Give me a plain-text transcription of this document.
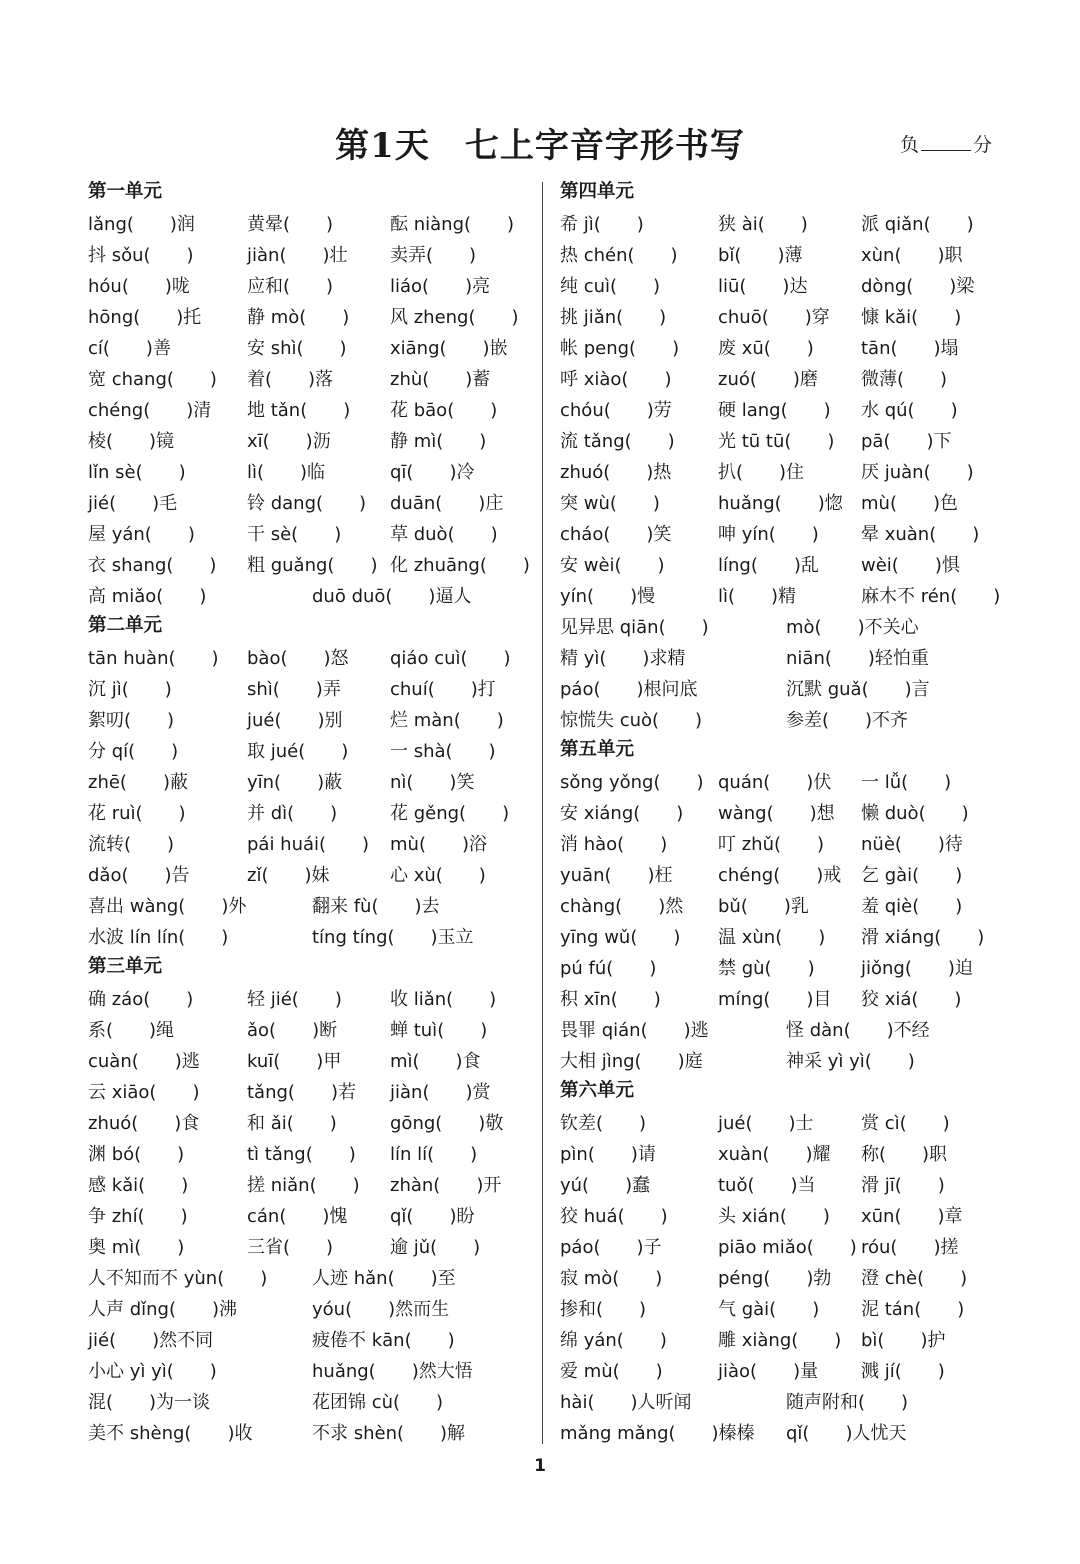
第1天　七上字音字形书写	负	分
第一单元
lǎng(　　)润	黄晕(　　)	酝 niàng(　　)
抖 sǒu(　　)	jiàn(　　)壮	卖弄(　　)
hóu(　　)咙	应和(　　)	liáo(　　)亮
hōng(　　)托	静 mò(　　)	风 zheng(　　)
cí(　　)善	安 shì(　　)	xiāng(　　)嵌
宽 chang(　　)	着(　　)落	zhù(　　)蓄
chéng(　　)清	地 tǎn(　　)	花 bāo(　　)
棱(　　)镜	xī(　　)沥	静 mì(　　)
lǐn sè(　　)	lì(　　)临	qī(　　)冷
jié(　　)毛	铃 dang(　　)	duān(　　)庄
屋 yán(　　)	干 sè(　　)	草 duò(　　)
衣 shang(　　)	粗 guǎng(　　) 化 zhuāng(　　)
高 miǎo(　　)	duō duō(　　)逼人
第二单元
tān huàn(　　)	bào(　　)怒	qiáo cuì(　　)
沉 jì(　　)	shì(　　)弄	chuí(　　)打
絮叨(　　)	jué(　　)别	烂 màn(　　)
分 qí(　　)	取 jué(　　)	一 shà(　　)
zhē(　　)蔽	yīn(　　)蔽	nì(　　)笑
花 ruì(　　)	并 dì(　　)	花 gěng(　　)
流转(　　)	pái huái(　　)	mù(　　)浴
dǎo(　　)告	zǐ(　　)妹	心 xù(　　)
喜出 wàng(　　)外	翻来 fù(　　)去
水波 lín lín(　　)	tíng tíng(　　)玉立
第三单元
确 záo(　　)	轻 jié(　　)	收 liǎn(　　)
系(　　)绳	ǎo(　　)断	蝉 tuì(　　)
cuàn(　　)逃	kuī(　　)甲	mì(　　)食
云 xiāo(　　)	tǎng(　　)若	jiàn(　　)赏
zhuó(　　)食	和 ǎi(　　)	gōng(　　)敬
渊 bó(　　)	tì tǎng(　　)	lín lí(　　)
感 kǎi(　　)	搓 niǎn(　　)	zhàn(　　)开
争 zhí(　　)	cán(　　)愧	qǐ(　　)盼
奥 mì(　　)	三省(　　)	逾 jǔ(　　)
人不知而不 yùn(　　)	人迹 hǎn(　　)至
人声 dǐng(　　)沸	yóu(　　)然而生
jié(　　)然不同	疲倦不 kān(　　)
小心 yì yì(　　)	huǎng(　　)然大悟
混(　　)为一谈	花团锦 cù(　　)
美不 shèng(　　)收	不求 shèn(　　)解
第四单元
希 jì(　　)	狭 ài(　　)	派 qiǎn(　　)
热 chén(　　)	bǐ(　　)薄	xùn(　　)职
纯 cuì(　　)	liū(　　)达	dòng(　　)梁
挑 jiǎn(　　)	chuō(　　)穿	慷 kǎi(　　)
帐 peng(　　)	废 xū(　　)	tān(　　)塌
呼 xiào(　　)	zuó(　　)磨	微薄(　　)
chóu(　　)劳	硬 lang(　　)	水 qú(　　)
流 tǎng(　　)	光 tū tū(　　)	pā(　　)下
zhuó(　　)热	扒(　　)住	厌 juàn(　　)
突 wù(　　)	huǎng(　　)惚	mù(　　)色
cháo(　　)笑	呻 yín(　　)	晕 xuàn(　　)
安 wèi(　　)	líng(　　)乱	wèi(　　)惧
yín(　　)慢	lì(　　)精	麻木不 rén(　　)
见异思 qiān(　　)	mò(　　)不关心
精 yì(　　)求精	niān(　　)轻怕重
páo(　　)根问底	沉默 guǎ(　　)言
惊慌失 cuò(　　)	参差(　　)不齐
第五单元
sǒng yǒng(　　) quán(　　)伏	一 lǚ(　　)
安 xiáng(　　)	wàng(　　)想	懒 duò(　　)
消 hào(　　)	叮 zhǔ(　　)	nüè(　　)待
yuān(　　)枉	chéng(　　)戒	乞 gài(　　)
chàng(　　)然	bǔ(　　)乳	羞 qiè(　　)
yīng wǔ(　　)	温 xùn(　　)	滑 xiáng(　　)
pú fú(　　)	禁 gù(　　)	jiǒng(　　)迫
积 xīn(　　)	míng(　　)目	狡 xiá(　　)
畏罪 qián(　　)逃	怪 dàn(　　)不经
大相 jìng(　　)庭	神采 yì yì(　　)
第六单元
钦差(　　)	jué(　　)士	赏 cì(　　)
pìn(　　)请	xuàn(　　)耀	称(　　)职
yú(　　)蠢	tuǒ(　　)当	滑 jī(　　)
狡 huá(　　)	头 xián(　　)	xūn(　　)章
páo(　　)子	piāo miǎo(　　) róu(　　)搓
寂 mò(　　)	péng(　　)勃	澄 chè(　　)
掺和(　　)	气 gài(　　)	泥 tán(　　)
绵 yán(　　)	雕 xiàng(　　)	bì(　　)护
爱 mù(　　)	jiào(　　)量	溅 jí(　　)
hài(　　)人听闻	随声附和(　　)
mǎng mǎng(　　)榛榛	qǐ(　　)人忧天
1
